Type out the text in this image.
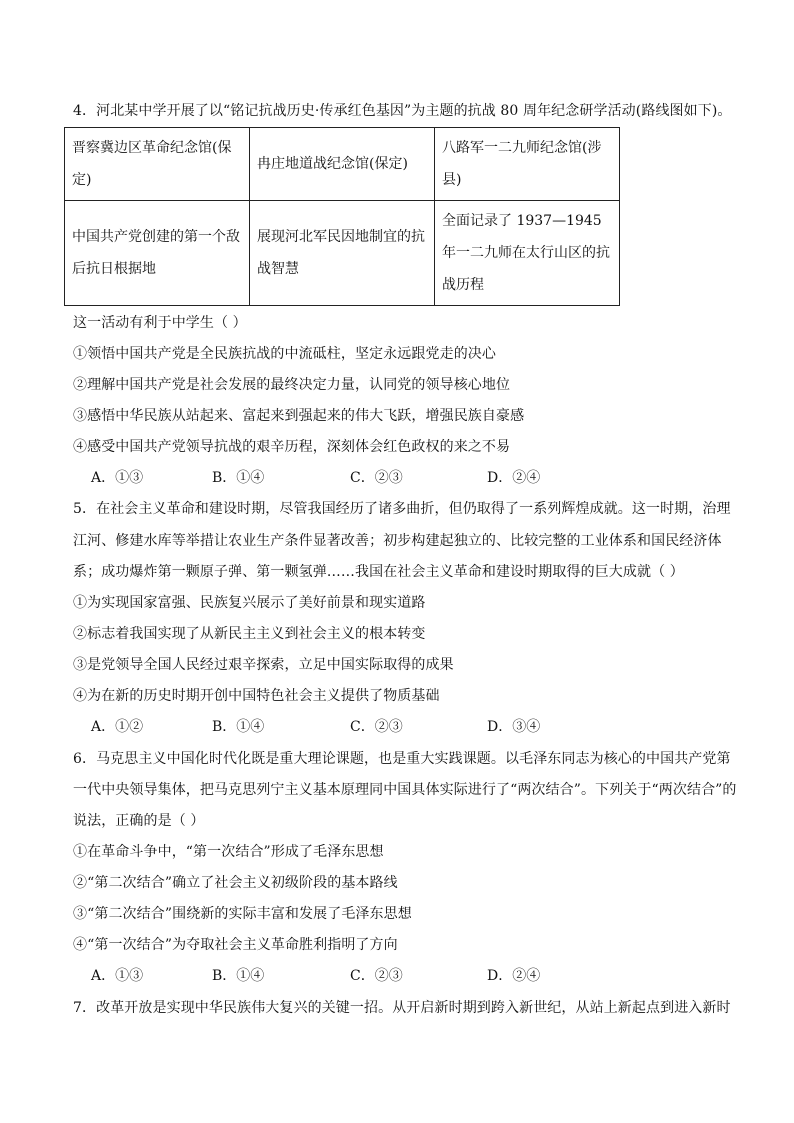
4．河北某中学开展了以“铭记抗战历史·传承红色基因”为主题的抗战 80 周年纪念研学活动(路线图如下)。
晋察冀边区革命纪念馆(保定)	冉庄地道战纪念馆(保定)	八路军一二九师纪念馆(涉县)
中国共产党创建的第一个敌后抗日根据地	展现河北军民因地制宜的抗战智慧	全面记录了 1937—1945 年一二九师在太行山区的抗战历程
这一活动有利于中学生（ ）
①领悟中国共产党是全民族抗战的中流砥柱，坚定永远跟党走的决心
②理解中国共产党是社会发展的最终决定力量，认同党的领导核心地位
③感悟中华民族从站起来、富起来到强起来的伟大飞跃，增强民族自豪感
④感受中国共产党领导抗战的艰辛历程，深刻体会红色政权的来之不易
A．①③	B．①④	C．②③	D．②④
5．在社会主义革命和建设时期，尽管我国经历了诸多曲折，但仍取得了一系列辉煌成就。这一时期，治理
江河、修建水库等举措让农业生产条件显著改善；初步构建起独立的、比较完整的工业体系和国民经济体
系；成功爆炸第一颗原子弹、第一颗氢弹……我国在社会主义革命和建设时期取得的巨大成就（ ）
①为实现国家富强、民族复兴展示了美好前景和现实道路
②标志着我国实现了从新民主主义到社会主义的根本转变
③是党领导全国人民经过艰辛探索，立足中国实际取得的成果
④为在新的历史时期开创中国特色社会主义提供了物质基础
A．①②	B．①④	C．②③	D．③④
6．马克思主义中国化时代化既是重大理论课题，也是重大实践课题。以毛泽东同志为核心的中国共产党第
一代中央领导集体，把马克思列宁主义基本原理同中国具体实际进行了“两次结合”。下列关于“两次结合”的
说法，正确的是（ ）
①在革命斗争中，“第一次结合”形成了毛泽东思想
②“第二次结合”确立了社会主义初级阶段的基本路线
③“第二次结合”围绕新的实际丰富和发展了毛泽东思想
④“第一次结合”为夺取社会主义革命胜利指明了方向
A．①③	B．①④	C．②③	D．②④
7．改革开放是实现中华民族伟大复兴的关键一招。从开启新时期到跨入新世纪，从站上新起点到进入新时
